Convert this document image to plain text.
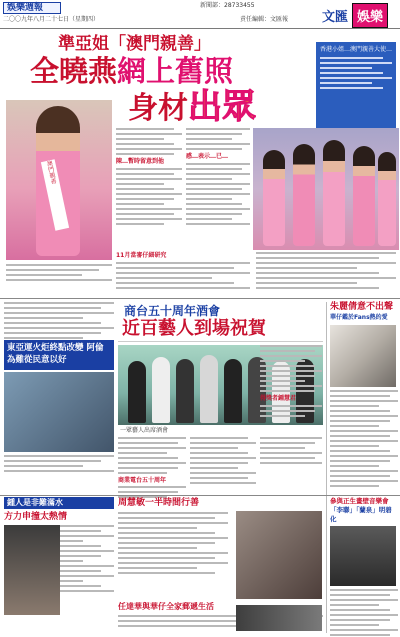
娛樂週報
二〇〇九年八月二十七日（星期四）
新聞部：28733455
責任編輯：文匯報	文匯 娛樂
準亞姐「澳門親善」
全曉燕網上舊照
身材出眾
香港小姐…澳門親善大使…
澳門親善	陳…暫時留意到他
感…表示…已…
11月當審仔細研究
商台五十周年酒會
近百藝人到場祝賀
東亞運火炬終點改變 阿倫為難從民意以好
一眾藝人出席酒會
商業電台五十周年
得獎者鍾慧君
朱麗倩意不出聲
華仔鑑於Fans熱的愛
鍾人是非難滿水
方力申撞太熱情
周慧敏一半時間行善
任達華與華仔全家郵遞生活
參與正生畫壁音樂會
「李聯」「蘭泉」明碧化
